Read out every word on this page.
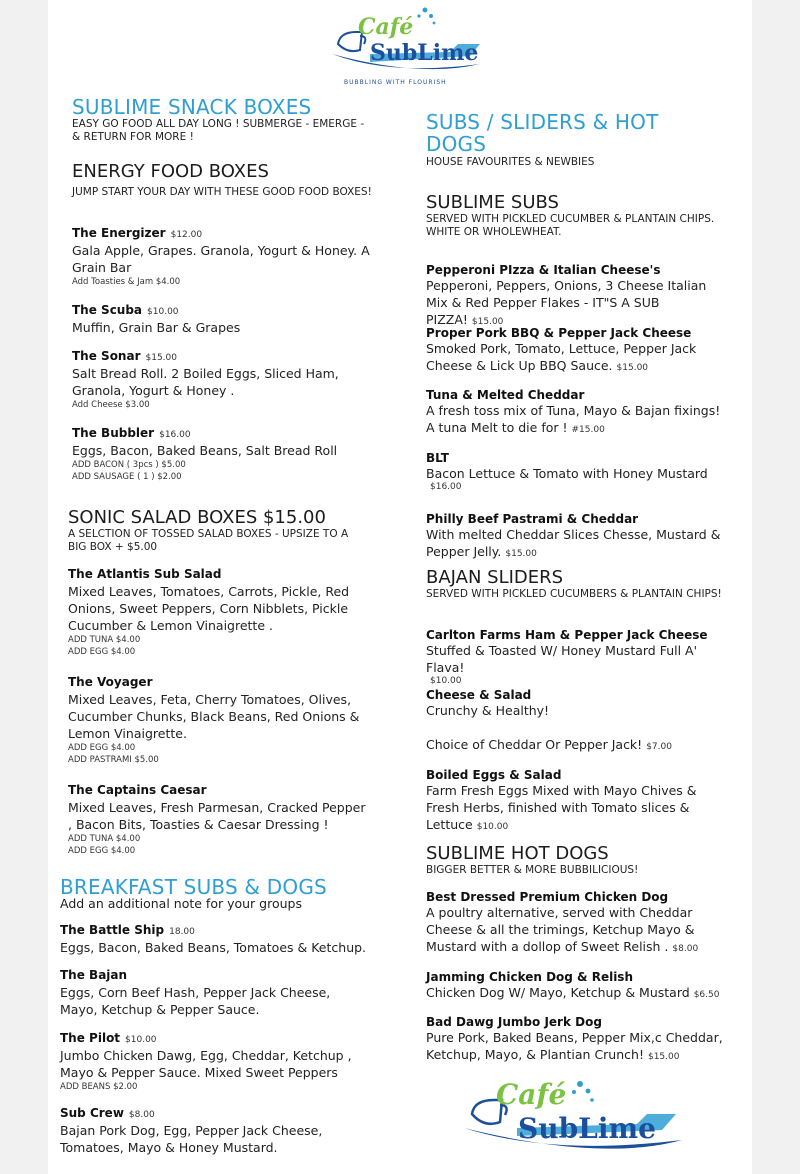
Café
SubLime
BUBBLING WITH FLOURISH
SUBLIME SNACK BOXES
EASY GO FOOD ALL DAY LONG ! SUBMERGE - EMERGE - & RETURN FOR MORE !
ENERGY FOOD BOXES
JUMP START YOUR DAY WITH THESE GOOD FOOD BOXES!
The Energizer $12.00
Gala Apple, Grapes. Granola, Yogurt & Honey. A Grain Bar
Add Toasties & Jam $4.00
The Scuba $10.00
Muffin, Grain Bar & Grapes
The Sonar $15.00
Salt Bread Roll. 2 Boiled Eggs, Sliced Ham, Granola, Yogurt & Honey .
Add Cheese $3.00
The Bubbler $16.00
Eggs, Bacon, Baked Beans, Salt Bread Roll
ADD BACON ( 3pcs ) $5.00
ADD SAUSAGE ( 1 ) $2.00
SONIC SALAD BOXES $15.00
A SELCTION OF TOSSED SALAD BOXES - UPSIZE TO A BIG BOX + $5.00
The Atlantis Sub Salad
Mixed Leaves, Tomatoes, Carrots, Pickle, Red Onions, Sweet Peppers, Corn Nibblets, Pickle Cucumber & Lemon Vinaigrette .
ADD TUNA $4.00
ADD EGG $4.00
The Voyager
Mixed Leaves, Feta, Cherry Tomatoes, Olives, Cucumber Chunks, Black Beans, Red Onions & Lemon Vinaigrette.
ADD EGG $4.00
ADD PASTRAMI $5.00
The Captains Caesar
Mixed Leaves, Fresh Parmesan, Cracked Pepper , Bacon Bits, Toasties & Caesar Dressing !
ADD TUNA $4.00
ADD EGG $4.00
BREAKFAST SUBS & DOGS
Add an additional note for your groups
The Battle Ship 18.00
Eggs, Bacon, Baked Beans, Tomatoes & Ketchup.
The Bajan
Eggs, Corn Beef Hash, Pepper Jack Cheese, Mayo, Ketchup & Pepper Sauce.
The Pilot $10.00
Jumbo Chicken Dawg, Egg, Cheddar, Ketchup , Mayo & Pepper Sauce. Mixed Sweet Peppers
ADD BEANS $2.00
Sub Crew $8.00
Bajan Pork Dog, Egg, Pepper Jack Cheese, Tomatoes, Mayo & Honey Mustard.
SUBS / SLIDERS & HOT DOGS
HOUSE FAVOURITES & NEWBIES
SUBLIME SUBS
SERVED WITH PICKLED CUCUMBER & PLANTAIN CHIPS. WHITE OR WHOLEWHEAT.
Pepperoni PIzza & Italian Cheese's
Pepperoni, Peppers, Onions, 3 Cheese Italian Mix & Red Pepper Flakes - IT"S A SUB PIZZA! $15.00
Proper Pork BBQ & Pepper Jack Cheese
Smoked Pork, Tomato, Lettuce, Pepper Jack Cheese & Lick Up BBQ Sauce. $15.00
Tuna & Melted Cheddar
A fresh toss mix of Tuna, Mayo & Bajan fixings! A tuna Melt to die for ! #15.00
BLT
Bacon Lettuce & Tomato with Honey Mustard
$16.00
Philly Beef Pastrami & Cheddar
With melted Cheddar Slices Chesse, Mustard & Pepper Jelly. $15.00
BAJAN SLIDERS
SERVED WITH PICKLED CUCUMBERS & PLANTAIN CHIPS!
Carlton Farms Ham & Pepper Jack Cheese
Stuffed & Toasted W/ Honey Mustard Full A' Flava!
$10.00
Cheese & Salad
Crunchy & Healthy!
Choice of Cheddar Or Pepper Jack! $7.00
Boiled Eggs & Salad
Farm Fresh Eggs Mixed with Mayo Chives & Fresh Herbs, finished with Tomato slices & Lettuce $10.00
SUBLIME HOT DOGS
BIGGER BETTER & MORE BUBBILICIOUS!
Best Dressed Premium Chicken Dog
A poultry alternative, served with Cheddar Cheese & all the trimings, Ketchup Mayo & Mustard with a dollop of Sweet Relish . $8.00
Jamming Chicken Dog & Relish
Chicken Dog W/ Mayo, Ketchup & Mustard $6.50
Bad Dawg Jumbo Jerk Dog
Pure Pork, Baked Beans, Pepper Mix,c Cheddar, Ketchup, Mayo, & Plantian Crunch! $15.00
Café
SubLime
